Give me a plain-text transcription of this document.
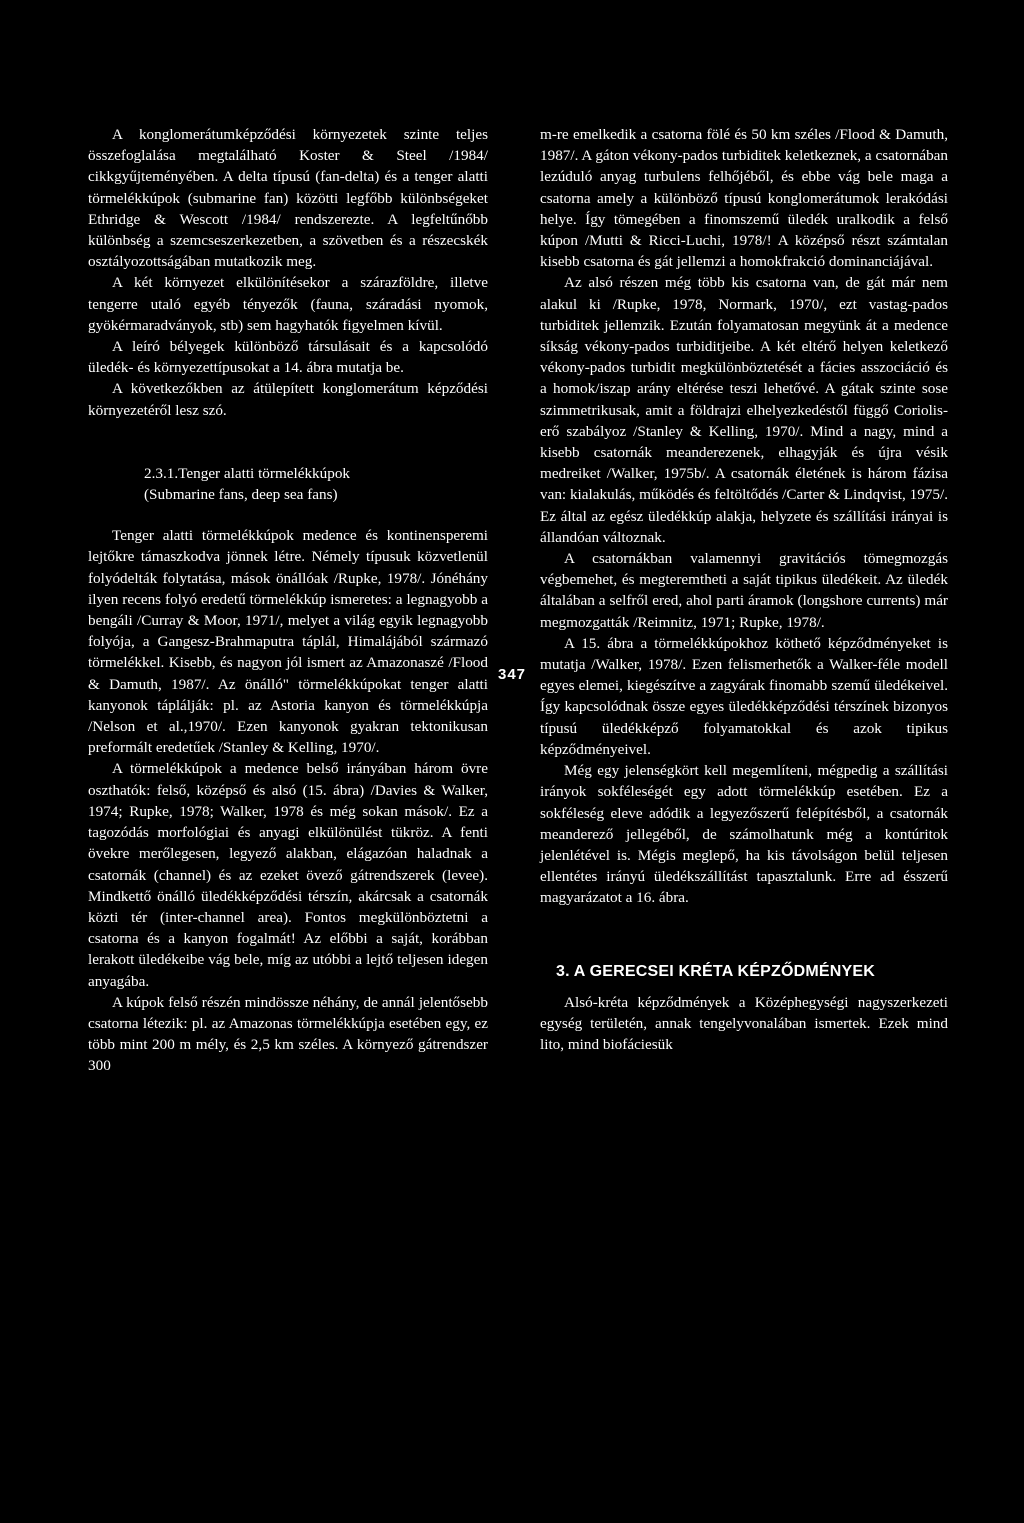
A konglomerátumképződési környezetek szinte teljes összefoglalása megtalálható Koster & Steel /1984/ cikkgyűjteményében. A delta típusú (fan-delta) és a tenger alatti törmelékkúpok (submarine fan) közötti legfőbb különbségeket Ethridge & Wescott /1984/ rendszerezte. A legfeltűnőbb különbség a szemcseszerkezetben, a szövetben és a részecskék osztályozottságában mutatkozik meg.

A két környezet elkülönítésekor a szárazföldre, illetve tengerre utaló egyéb tényezők (fauna, száradási nyomok, gyökérmaradványok, stb) sem hagyhatók figyelmen kívül.

A leíró bélyegek különböző társulásait és a kapcsolódó üledék- és környezettípusokat a 14. ábra mutatja be.

A következőkben az átülepített konglomerátum képződési környezetéről lesz szó.

2.3.1.Tenger alatti törmelékkúpok
(Submarine fans, deep sea fans)

Tenger alatti törmelékkúpok medence és kontinensperemi lejtőkre támaszkodva jönnek létre. Némely típusuk közvetlenül folyódelták folytatása, mások önállóak /Rupke, 1978/. Jónéhány ilyen recens folyó eredetű törmelékkúp ismeretes: a legnagyobb a bengáli /Curray & Moor, 1971/, melyet a világ egyik legnagyobb folyója, a Gangesz-Brahmaputra táplál, Himalájából származó törmelékkel. Kisebb, és nagyon jól ismert az Amazonaszé /Flood & Damuth, 1987/. Az önálló" törmelékkúpokat tenger alatti kanyonok táplálják: pl. az Astoria kanyon és törmelékkúpja /Nelson et al.,1970/. Ezen kanyonok gyakran tektonikusan preformált eredetűek /Stanley & Kelling, 1970/.

A törmelékkúpok a medence belső irányában három övre oszthatók: felső, középső és alsó (15. ábra) /Davies & Walker, 1974; Rupke, 1978; Walker, 1978 és még sokan mások/. Ez a tagozódás morfológiai és anyagi elkülönülést tükröz. A fenti övekre merőlegesen, legyező alakban, elágazóan haladnak a csatornák (channel) és az ezeket övező gátrendszerek (levee). Mindkettő önálló üledékképződési térszín, akárcsak a csatornák közti tér (inter-channel area). Fontos megkülönböztetni a csatorna és a kanyon fogalmát! Az előbbi a saját, korábban lerakott üledékeibe vág bele, míg az utóbbi a lejtő teljesen idegen anyagába.

A kúpok felső részén mindössze néhány, de annál jelentősebb csatorna létezik: pl. az Amazonas törmelékkúpja esetében egy, ez több mint 200 m mély, és 2,5 km széles. A környező gátrendszer 300

m-re emelkedik a csatorna fölé és 50 km széles /Flood & Damuth, 1987/. A gáton vékony-pados turbiditek keletkeznek, a csatornában lezúduló anyag turbulens felhőjéből, és ebbe vág bele maga a csatorna amely a különböző típusú konglomerátumok lerakódási helye. Így tömegében a finomszemű üledék uralkodik a felső kúpon /Mutti & Ricci-Luchi, 1978/! A középső részt számtalan kisebb csatorna és gát jellemzi a homokfrakció dominanciájával.

Az alsó részen még több kis csatorna van, de gát már nem alakul ki /Rupke, 1978, Normark, 1970/, ezt vastag-pados turbiditek jellemzik. Ezután folyamatosan megyünk át a medence síkság vékony-pados turbiditjeibe. A két eltérő helyen keletkező vékony-pados turbidit megkülönböztetését a fácies asszociáció és a homok/iszap arány eltérése teszi lehetővé. A gátak szinte sose szimmetrikusak, amit a földrajzi elhelyezkedéstől függő Coriolis-erő szabályoz /Stanley & Kelling, 1970/. Mind a nagy, mind a kisebb csatornák meanderezenek, elhagyják és újra vésik medreiket /Walker, 1975b/. A csatornák életének is három fázisa van: kialakulás, működés és feltöltődés /Carter & Lindqvist, 1975/. Ez által az egész üledékkúp alakja, helyzete és szállítási irányai is állandóan változnak.

A csatornákban valamennyi gravitációs tömegmozgás végbemehet, és megteremtheti a saját tipikus üledékeit. Az üledék általában a selfről ered, ahol parti áramok (longshore currents) már megmozgatták /Reimnitz, 1971; Rupke, 1978/.

A 15. ábra a törmelékkúpokhoz köthető képződményeket is mutatja /Walker, 1978/. Ezen felismerhetők a Walker-féle modell egyes elemei, kiegészítve a zagyárak finomabb szemű üledékeivel. Így kapcsolódnak össze egyes üledékképződési térszínek bizonyos típusú üledékképző folyamatokkal és azok tipikus képződményeivel.

Még egy jelenségkört kell megemlíteni, mégpedig a szállítási irányok sokféleségét egy adott törmelékkúp esetében. Ez a sokféleség eleve adódik a legyezőszerű felépítésből, a csatornák meanderező jellegéből, de számolhatunk még a kontúritok jelenlétével is. Mégis meglepő, ha kis távolságon belül teljesen ellentétes irányú üledékszállítást tapasztalunk. Erre ad ésszerű magyarázatot a 16. ábra.

3. A GERECSEI KRÉTA KÉPZŐDMÉNYEK

Alsó-kréta képződmények a Középhegységi nagyszerkezeti egység területén, annak tengelyvonalában ismertek. Ezek mind lito, mind biofáciesük

347
